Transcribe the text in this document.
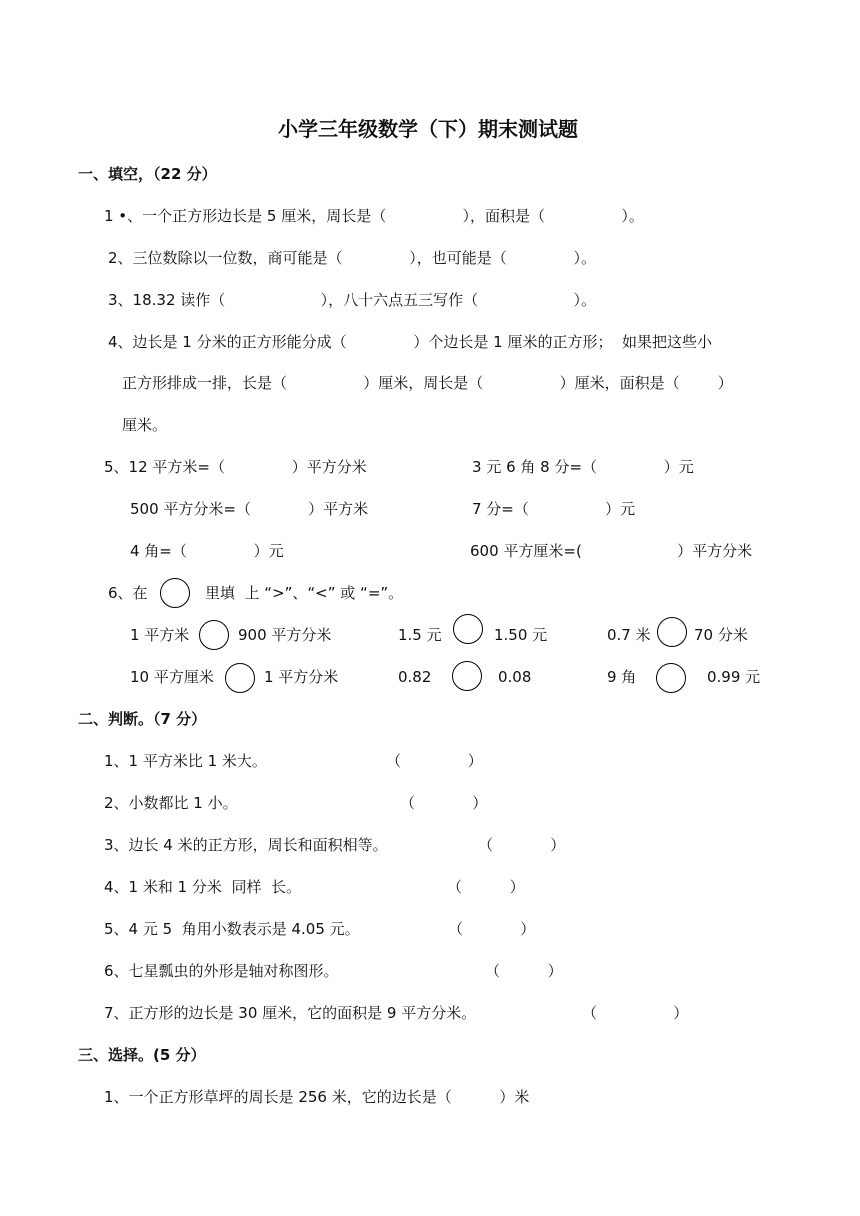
小学三年级数学（下）期末测试题
一、填空，（22 分）
1 •、一个正方形边长是 5 厘米，周长是（                ），面积是（                ）。
2、三位数除以一位数，商可能是（              ），也可能是（              ）。
3、18.32 读作（                    ），八十六点五三写作（                    ）。
4、边长是 1 分米的正方形能分成（              ）个边长是 1 厘米的正方形；  如果把这些小
正方形排成一排，长是（                ）厘米，周长是（                ）厘米，面积是（        ）
厘米。
5、12 平方米=（              ）平方分米	3 元 6 角 8 分=（              ）元
500 平方分米=（            ）平方米	7 分=（                ）元
4 角=（              ）元	600 平方厘米=(                    ）平方分米
6、在	里填  上 “>”、“<” 或 “=”。
1 平方米	900 平方分米	1.5 元	1.50 元	0.7 米	70 分米
10 平方厘米	1 平方分米	0.82	0.08	9 角	0.99 元
二、判断。（7 分）
1、1 平方米比 1 米大。	（              ）
2、小数都比 1 小。	（            ）
3、边长 4 米的正方形，周长和面积相等。	（            ）
4、1 米和 1 分米  同样  长。	（          ）
5、4 元 5  角用小数表示是 4.05 元。	（            ）
6、七星瓢虫的外形是轴对称图形。	（          ）
7、正方形的边长是 30 厘米，它的面积是 9 平方分米。	（                ）
三、选择。(5 分）
1、一个正方形草坪的周长是 256 米，它的边长是（          ）米
